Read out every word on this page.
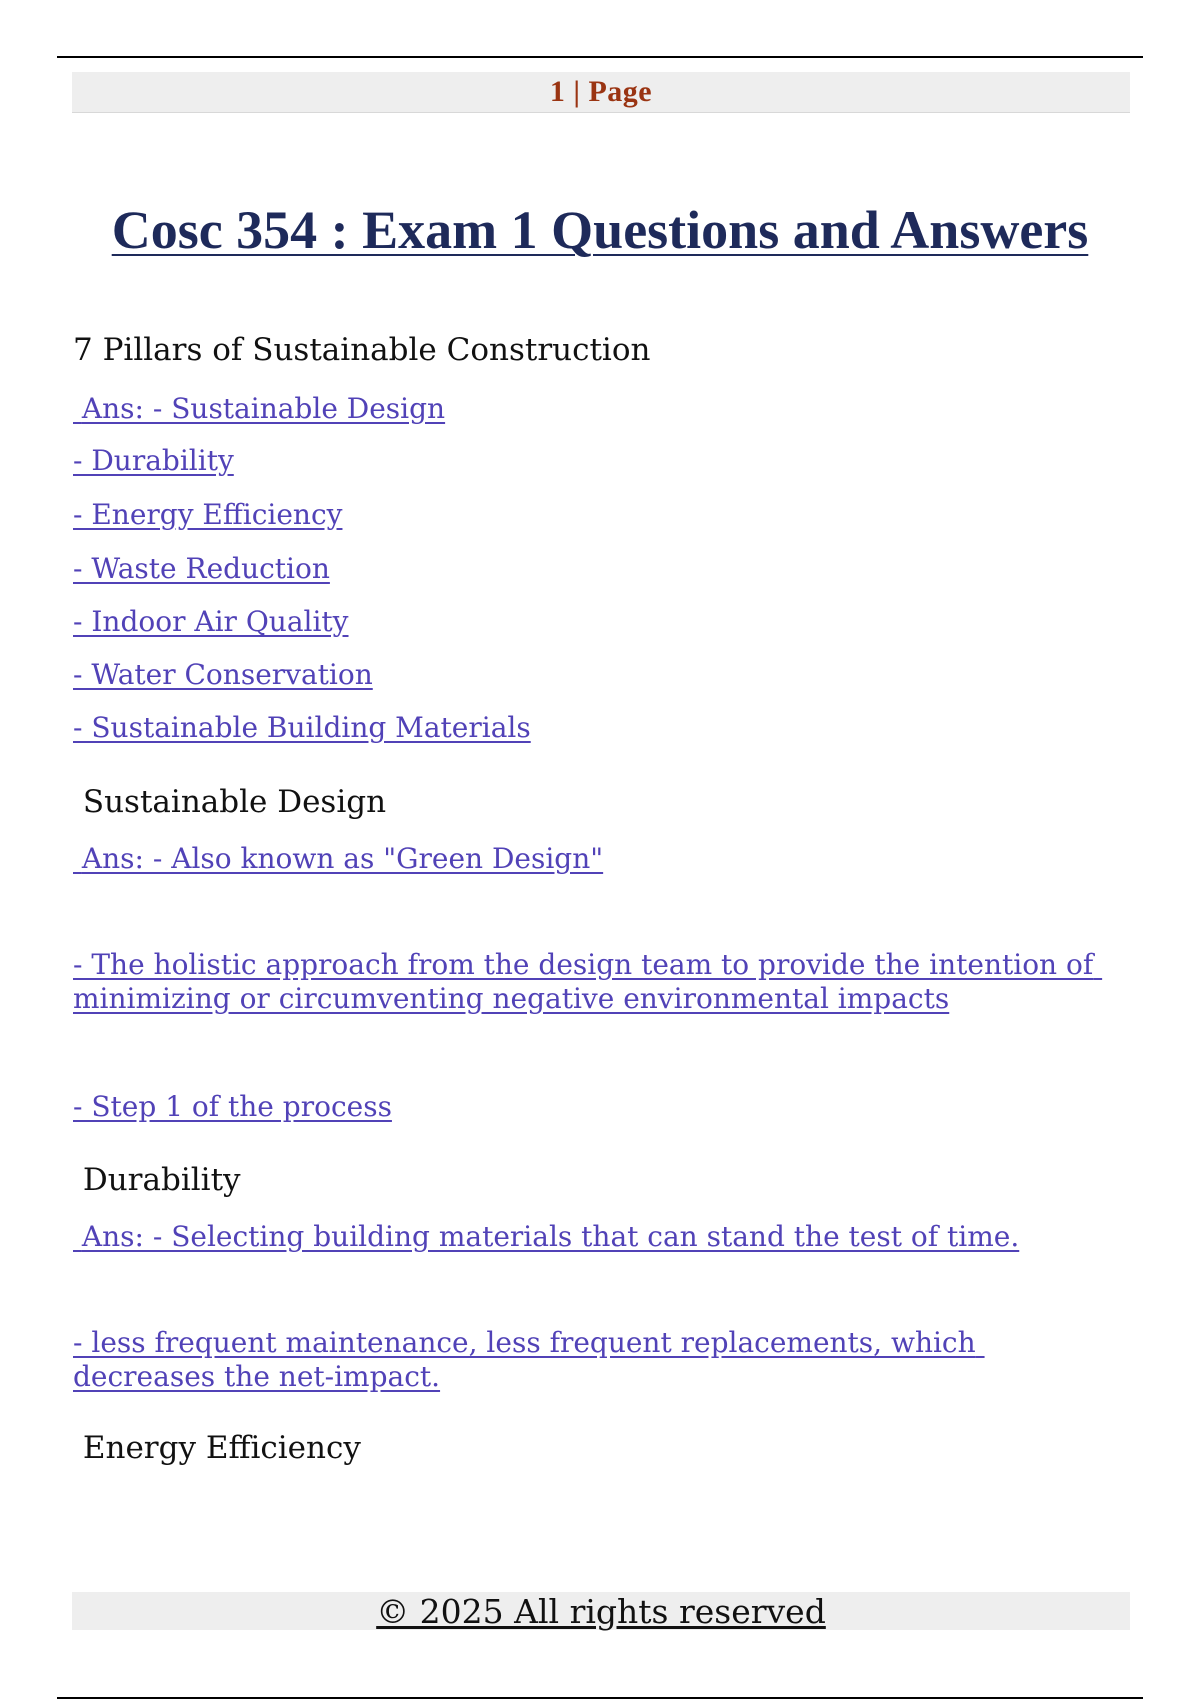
1 | Page
Cosc 354 : Exam 1 Questions and Answers
7 Pillars of Sustainable Construction
Ans: - Sustainable Design
- Durability
- Energy Efficiency
- Waste Reduction
- Indoor Air Quality
- Water Conservation
- Sustainable Building Materials
Sustainable Design
Ans: - Also known as "Green Design"
- The holistic approach from the design team to provide the intention of minimizing or circumventing negative environmental impacts
- Step 1 of the process
Durability
Ans: - Selecting building materials that can stand the test of time.
- less frequent maintenance, less frequent replacements, which decreases the net-impact.
Energy Efficiency
© 2025 All rights reserved
